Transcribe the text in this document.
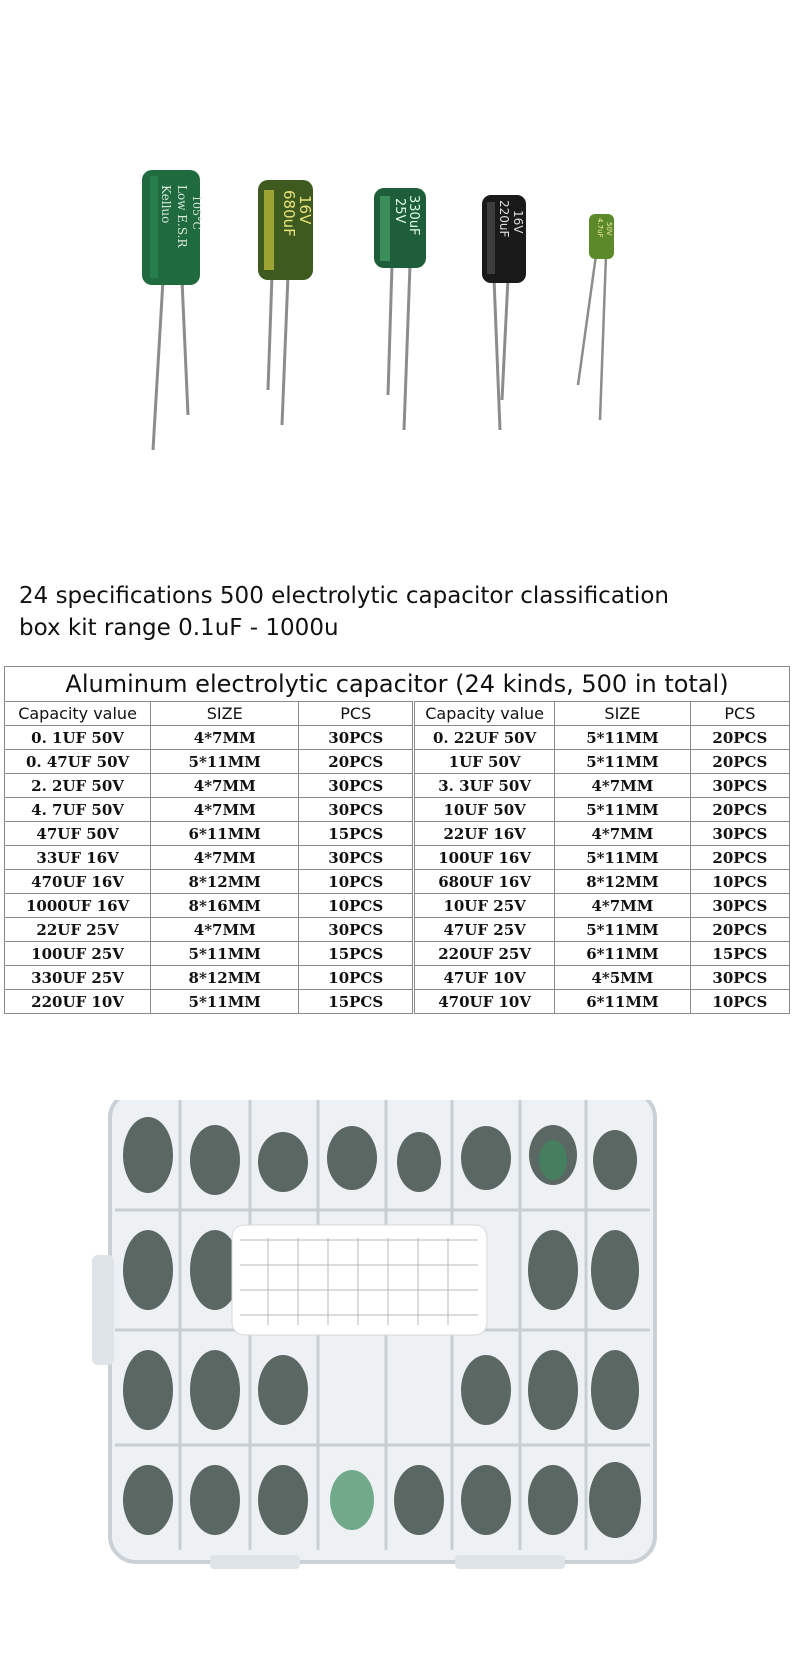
Kelluo Low E.S.R 105°C	680uF
16V	330uF
25V	220uF 16V	4.7uF 50V
24 specifications 500 electrolytic capacitor classification
box kit range 0.1uF - 1000u
Aluminum electrolytic capacitor (24 kinds, 500 in total)					
Capacity value	SIZE	PCS	Capacity value	SIZE	PCS
0. 1UF 50V	4*7MM	30PCS	0. 22UF 50V	5*11MM	20PCS
0. 47UF 50V	5*11MM	20PCS	1UF 50V	5*11MM	20PCS
2. 2UF 50V	4*7MM	30PCS	3. 3UF 50V	4*7MM	30PCS
4. 7UF 50V	4*7MM	30PCS	10UF 50V	5*11MM	20PCS
47UF 50V	6*11MM	15PCS	22UF 16V	4*7MM	30PCS
33UF 16V	4*7MM	30PCS	100UF 16V	5*11MM	20PCS
470UF 16V	8*12MM	10PCS	680UF 16V	8*12MM	10PCS
1000UF 16V	8*16MM	10PCS	10UF 25V	4*7MM	30PCS
22UF 25V	4*7MM	30PCS	47UF 25V	5*11MM	20PCS
100UF 25V	5*11MM	15PCS	220UF 25V	6*11MM	15PCS
330UF 25V	8*12MM	10PCS	47UF 10V	4*5MM	30PCS
220UF 10V	5*11MM	15PCS	470UF 10V	6*11MM	10PCS
